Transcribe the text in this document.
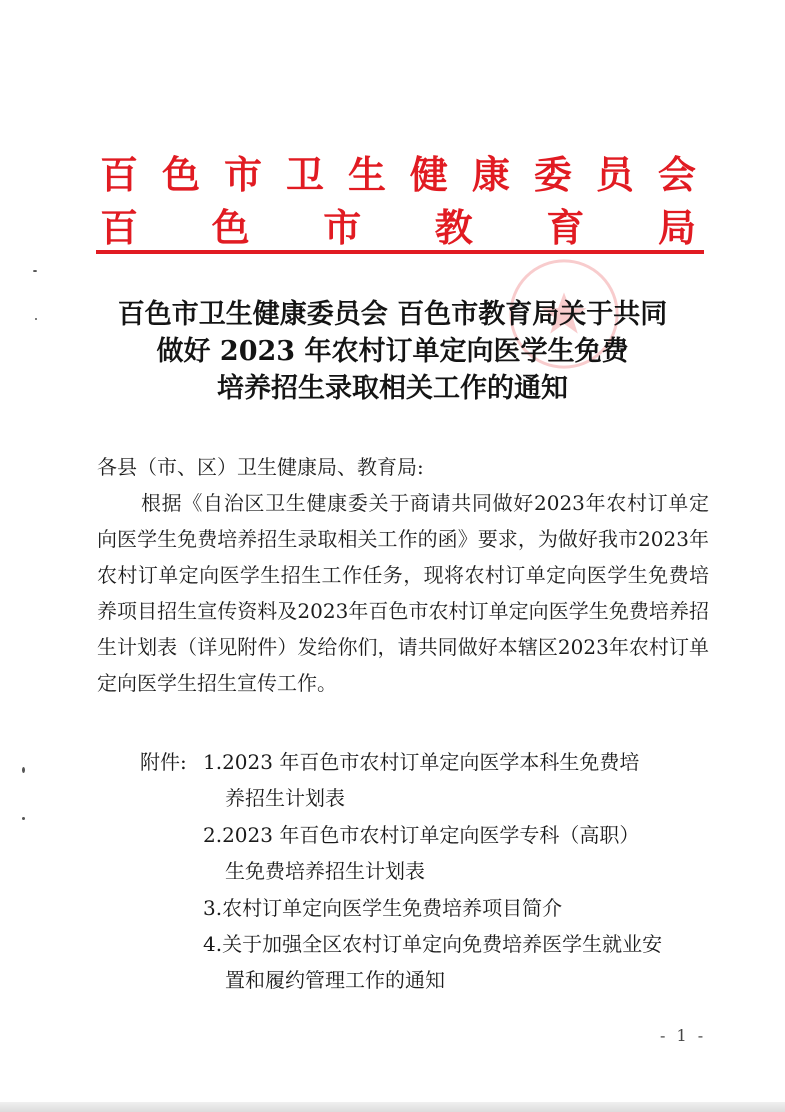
百 色 市 卫 生 健 康 委 员 会
百 色 市 教 育 局
百色市卫生健康委员会 百色市教育局关于共同
做好 2023 年农村订单定向医学生免费
培养招生录取相关工作的通知
各县（市、区）卫生健康局、教育局:
根据《自治区卫生健康委关于商请共同做好2023年农村订单定向医学生免费培养招生录取相关工作的函》要求，为做好我市2023年农村订单定向医学生招生工作任务，现将农村订单定向医学生免费培养项目招生宣传资料及2023年百色市农村订单定向医学生免费培养招生计划表（详见附件）发给你们，请共同做好本辖区2023年农村订单定向医学生招生宣传工作。
附件: 1.2023 年百色市农村订单定向医学本科生免费培
养招生计划表
2.2023 年百色市农村订单定向医学专科（高职）
生免费培养招生计划表
3.农村订单定向医学生免费培养项目简介
4.关于加强全区农村订单定向免费培养医学生就业安
置和履约管理工作的通知
- 1 -
